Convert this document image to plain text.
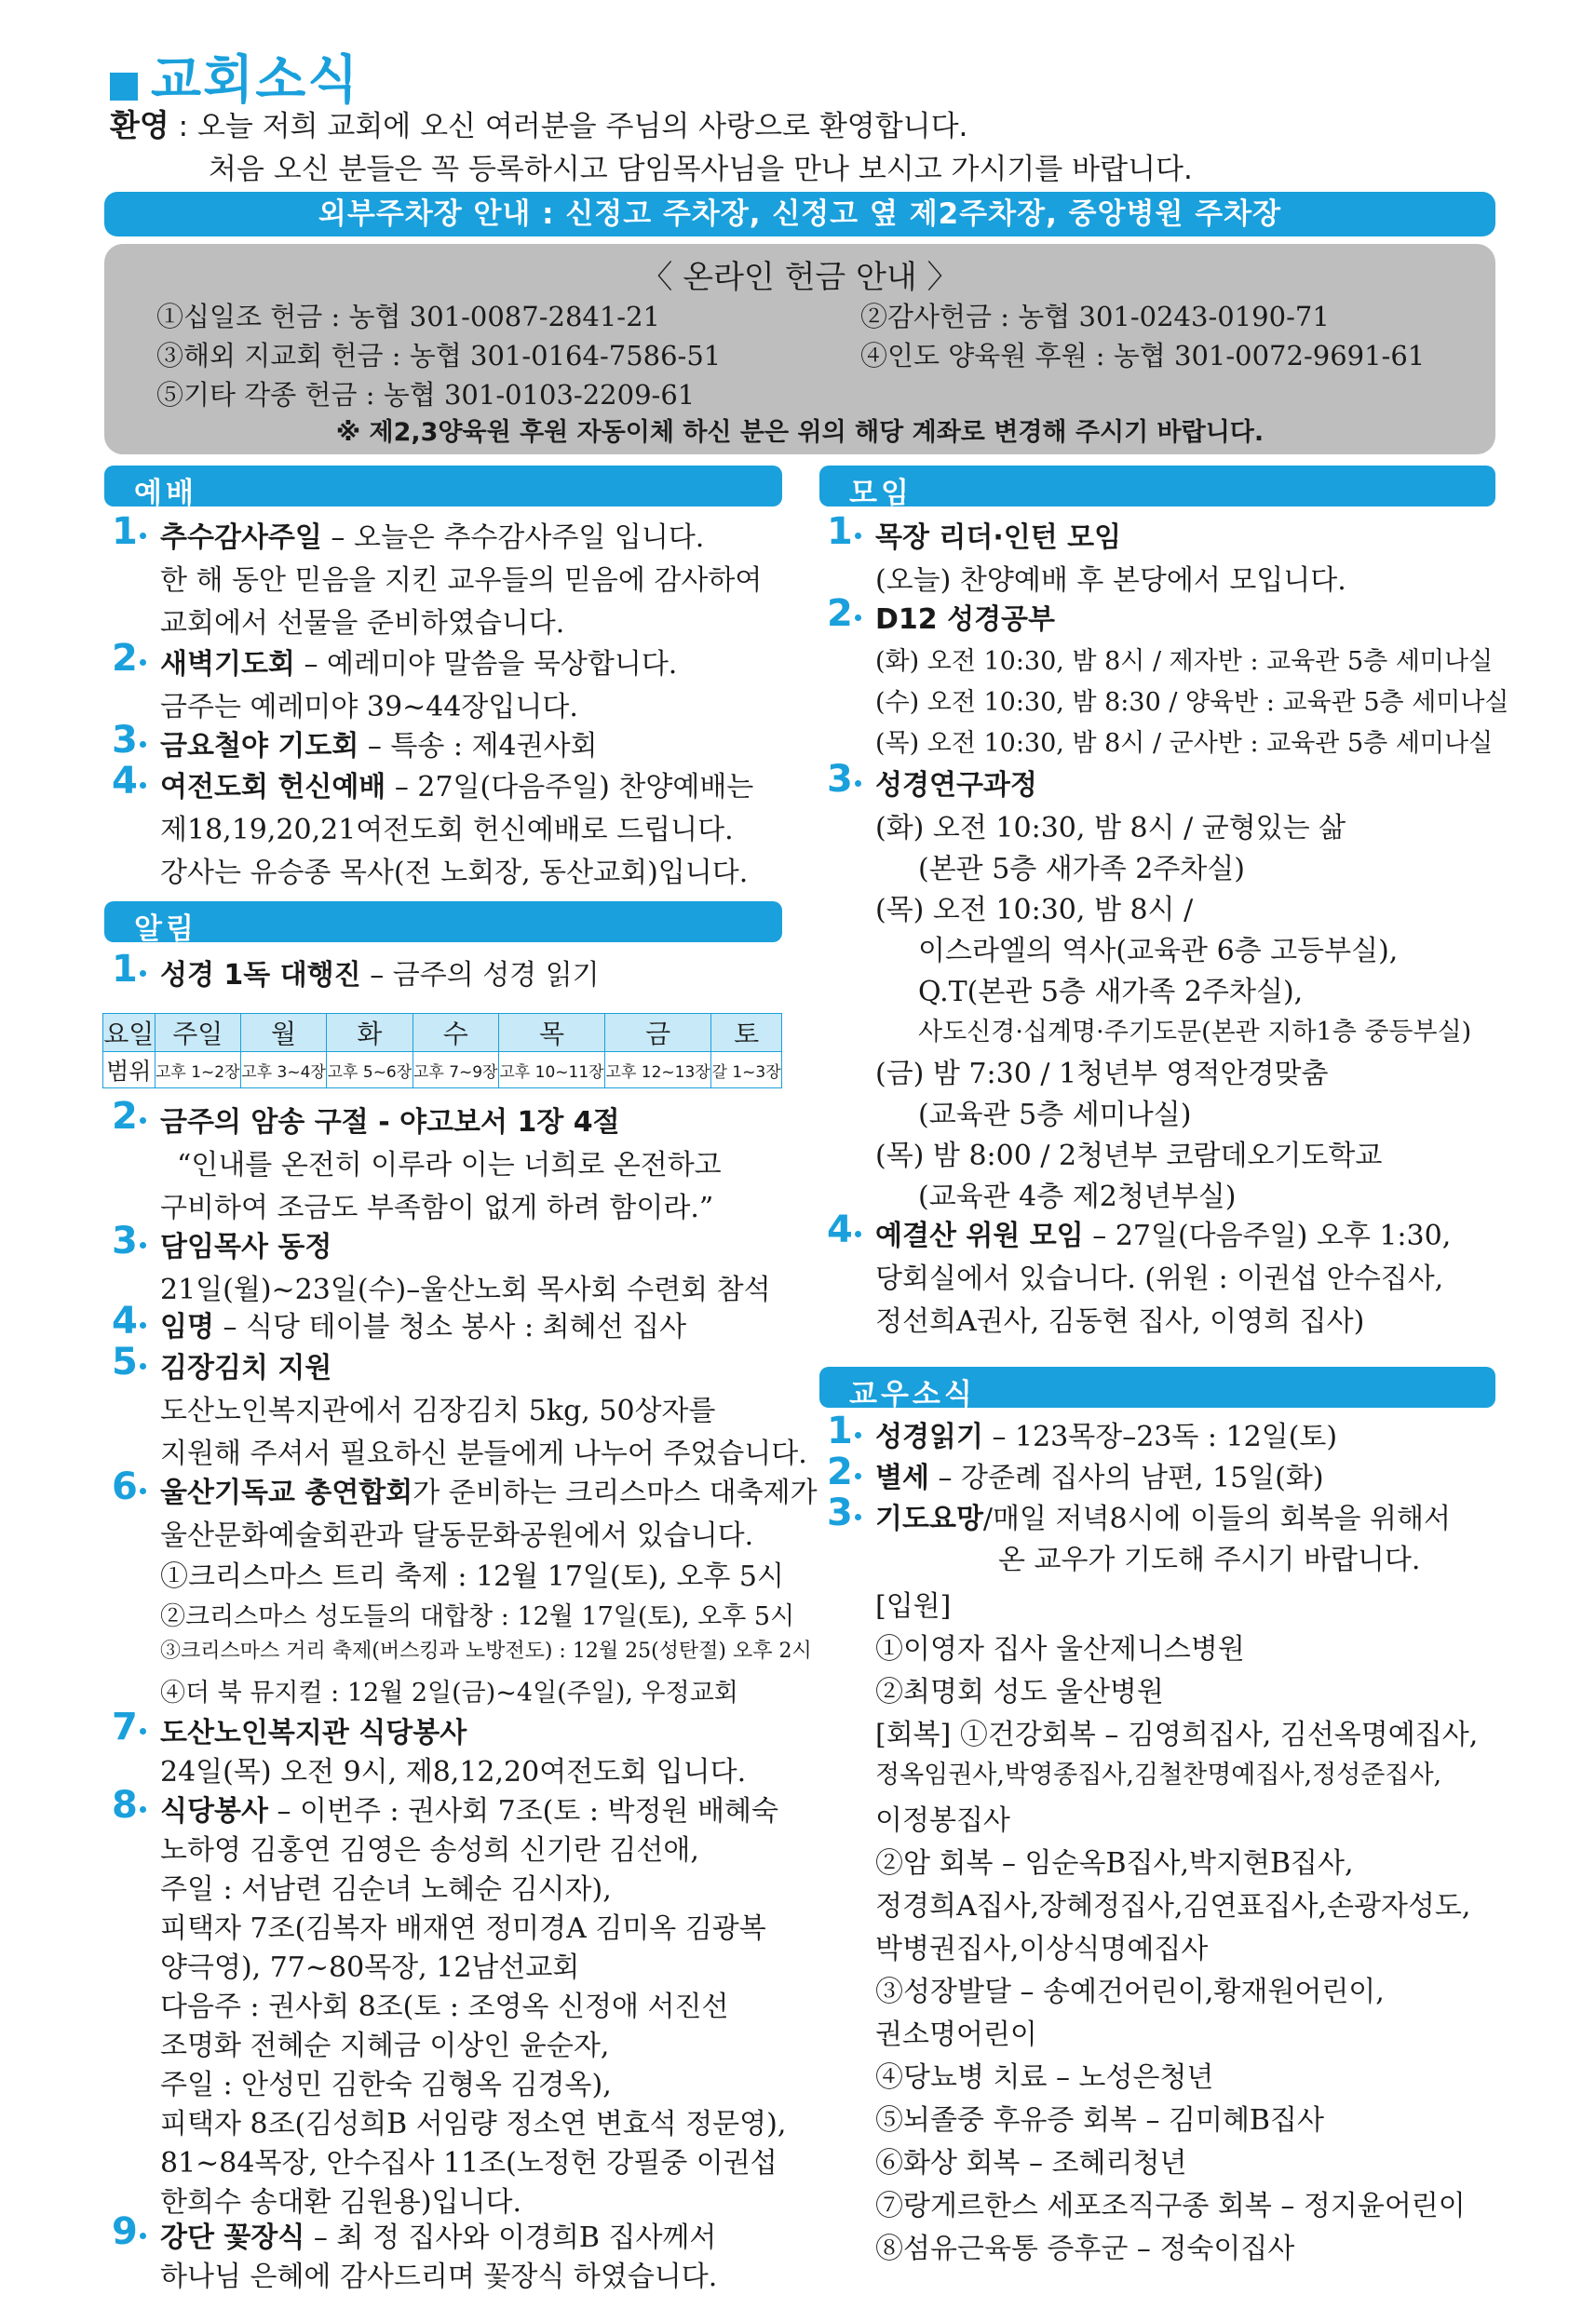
교회소식
환영 : 오늘 저희 교회에 오신 여러분을 주님의 사랑으로 환영합니다.
처음 오신 분들은 꼭 등록하시고 담임목사님을 만나 보시고 가시기를 바랍니다.
외부주차장 안내 : 신정고 주차장, 신정고 옆 제2주차장, 중앙병원 주차장
〈 온라인 헌금 안내 〉
①십일조 헌금 : 농협 301-0087-2841-21	②감사헌금 : 농협 301-0243-0190-71
③해외 지교회 헌금 : 농협 301-0164-7586-51	④인도 양육원 후원 : 농협 301-0072-9691-61
⑤기타 각종 헌금 : 농협 301-0103-2209-61
※ 제2,3양육원 후원 자동이체 하신 분은 위의 해당 계좌로 변경해 주시기 바랍니다.
예배
1 추수감사주일 – 오늘은 추수감사주일 입니다.
한 해 동안 믿음을 지킨 교우들의 믿음에 감사하여
교회에서 선물을 준비하였습니다.
2 새벽기도회 – 예레미야 말씀을 묵상합니다.
금주는 예레미야 39~44장입니다.
3 금요철야 기도회 – 특송 : 제4권사회
4 여전도회 헌신예배 – 27일(다음주일) 찬양예배는
제18,19,20,21여전도회 헌신예배로 드립니다.
강사는 유승종 목사(전 노회장, 동산교회)입니다.
알림
1 성경 1독 대행진 – 금주의 성경 읽기
요일	주일	월	화	수	목	금	토
범위	고후 1~2장	고후 3~4장	고후 5~6장	고후 7~9장	고후 10~11장	고후 12~13장	갈 1~3장
2 금주의 암송 구절 - 야고보서 1장 4절
“인내를 온전히 이루라 이는 너희로 온전하고
구비하여 조금도 부족함이 없게 하려 함이라.”
3 담임목사 동정
21일(월)~23일(수)–울산노회 목사회 수련회 참석
4 임명 – 식당 테이블 청소 봉사 : 최혜선 집사
5 김장김치 지원
도산노인복지관에서 김장김치 5kg, 50상자를
지원해 주셔서 필요하신 분들에게 나누어 주었습니다.
6 울산기독교 총연합회가 준비하는 크리스마스 대축제가
울산문화예술회관과 달동문화공원에서 있습니다.
①크리스마스 트리 축제 : 12월 17일(토), 오후 5시
②크리스마스 성도들의 대합창 : 12월 17일(토), 오후 5시
③크리스마스 거리 축제(버스킹과 노방전도) : 12월 25(성탄절) 오후 2시
④더 북 뮤지컬 : 12월 2일(금)~4일(주일), 우정교회
7 도산노인복지관 식당봉사
24일(목) 오전 9시, 제8,12,20여전도회 입니다.
8 식당봉사 – 이번주 : 권사회 7조(토 : 박정원 배혜숙
노하영 김홍연 김영은 송성희 신기란 김선애,
주일 : 서남련 김순녀 노혜순 김시자),
피택자 7조(김복자 배재연 정미경A 김미옥 김광복
양극영), 77~80목장, 12남선교회
다음주 : 권사회 8조(토 : 조영옥 신정애 서진선
조명화 전혜순 지혜금 이상인 윤순자,
주일 : 안성민 김한숙 김형옥 김경옥),
피택자 8조(김성희B 서임량 정소연 변효석 정문영),
81~84목장, 안수집사 11조(노정헌 강필중 이권섭
한희수 송대환 김원용)입니다.
9 강단 꽃장식 – 최 정 집사와 이경희B 집사께서
하나님 은혜에 감사드리며 꽃장식 하였습니다.
모임
1 목장 리더·인턴 모임
(오늘) 찬양예배 후 본당에서 모입니다.
2 D12 성경공부
(화) 오전 10:30, 밤 8시 / 제자반 : 교육관 5층 세미나실
(수) 오전 10:30, 밤 8:30 / 양육반 : 교육관 5층 세미나실
(목) 오전 10:30, 밤 8시 / 군사반 : 교육관 5층 세미나실
3 성경연구과정
(화) 오전 10:30, 밤 8시 / 균형있는 삶
(본관 5층 새가족 2주차실)
(목) 오전 10:30, 밤 8시 /
이스라엘의 역사(교육관 6층 고등부실),
Q.T(본관 5층 새가족 2주차실),
사도신경·십계명·주기도문(본관 지하1층 중등부실)
(금) 밤 7:30 / 1청년부 영적안경맞춤
(교육관 5층 세미나실)
(목) 밤 8:00 / 2청년부 코람데오기도학교
(교육관 4층 제2청년부실)
4 예결산 위원 모임 – 27일(다음주일) 오후 1:30,
당회실에서 있습니다. (위원 : 이권섭 안수집사,
정선희A권사, 김동현 집사, 이영희 집사)
교우소식
1 성경읽기 – 123목장–23독 : 12일(토)
2 별세 – 강준례 집사의 남편, 15일(화)
3 기도요망/매일 저녁8시에 이들의 회복을 위해서
온 교우가 기도해 주시기 바랍니다.
[입원]
①이영자 집사 울산제니스병원
②최명회 성도 울산병원
[회복] ①건강회복 – 김영희집사, 김선옥명예집사,
정옥임권사,박영종집사,김철찬명예집사,정성준집사,
이정봉집사
②암 회복 – 임순옥B집사,박지현B집사,
정경희A집사,장혜정집사,김연표집사,손광자성도,
박병권집사,이상식명예집사
③성장발달 – 송예건어린이,황재원어린이,
권소명어린이
④당뇨병 치료 – 노성은청년
⑤뇌졸중 후유증 회복 – 김미혜B집사
⑥화상 회복 – 조혜리청년
⑦랑게르한스 세포조직구종 회복 – 정지윤어린이
⑧섬유근육통 증후군 – 정숙이집사
